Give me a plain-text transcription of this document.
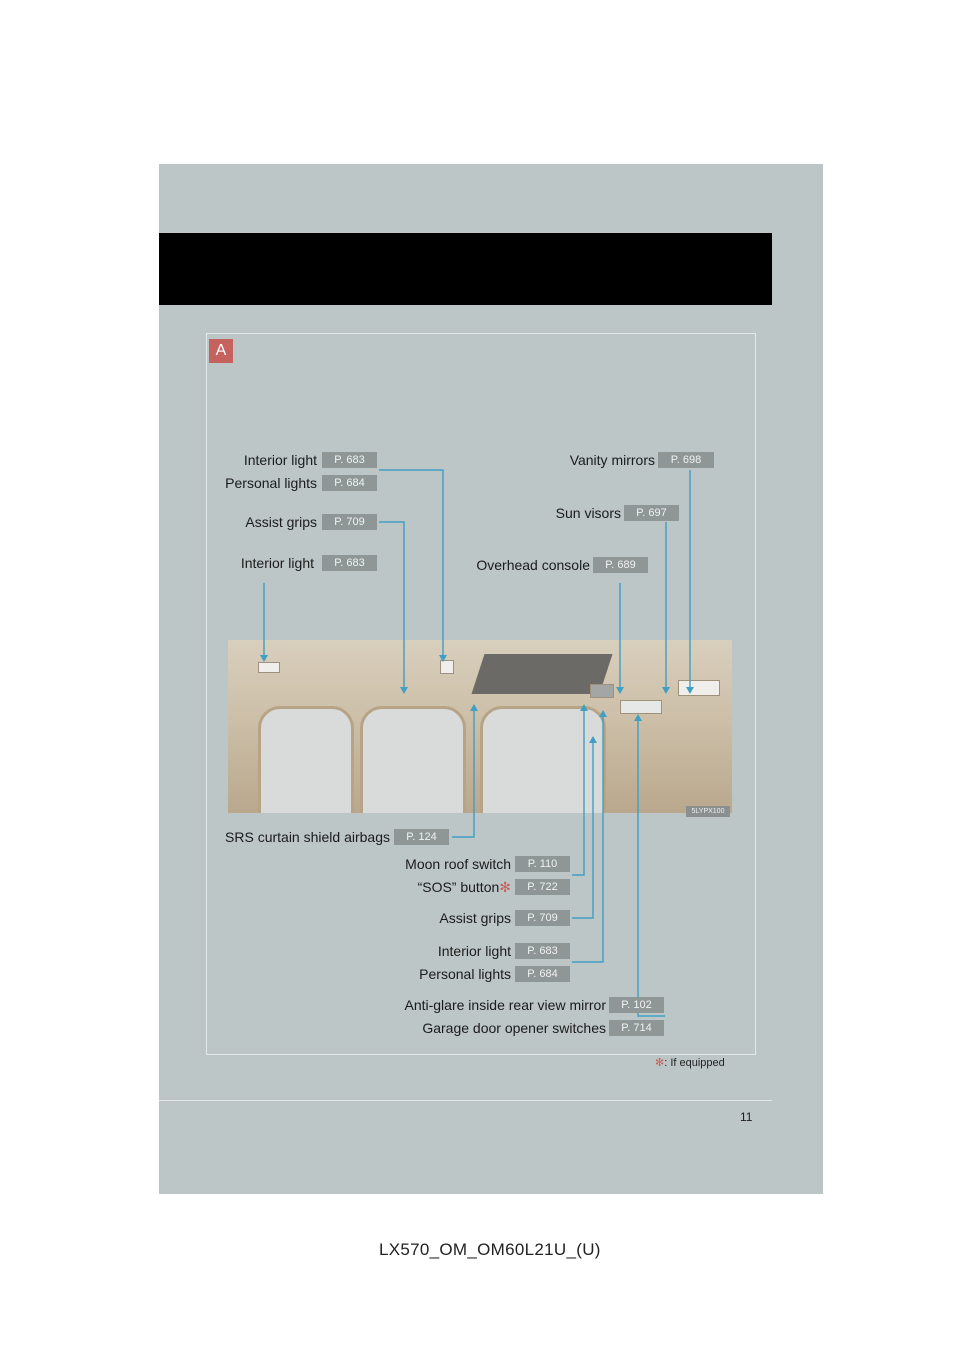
A
5LYPX100
Interior light	P. 683
Personal lights	P. 684
Assist grips	P. 709
Interior light	P. 683
Vanity mirrors	P. 698
Sun visors	P. 697
Overhead console	P. 689
SRS curtain shield airbags	P. 124
Moon roof switch	P. 110
“SOS” button✻	P. 722
Assist grips	P. 709
Interior light	P. 683
Personal lights	P. 684
Anti-glare inside rear view mirror	P. 102
Garage door opener switches	P. 714
✻: If equipped
11
LX570_OM_OM60L21U_(U)
